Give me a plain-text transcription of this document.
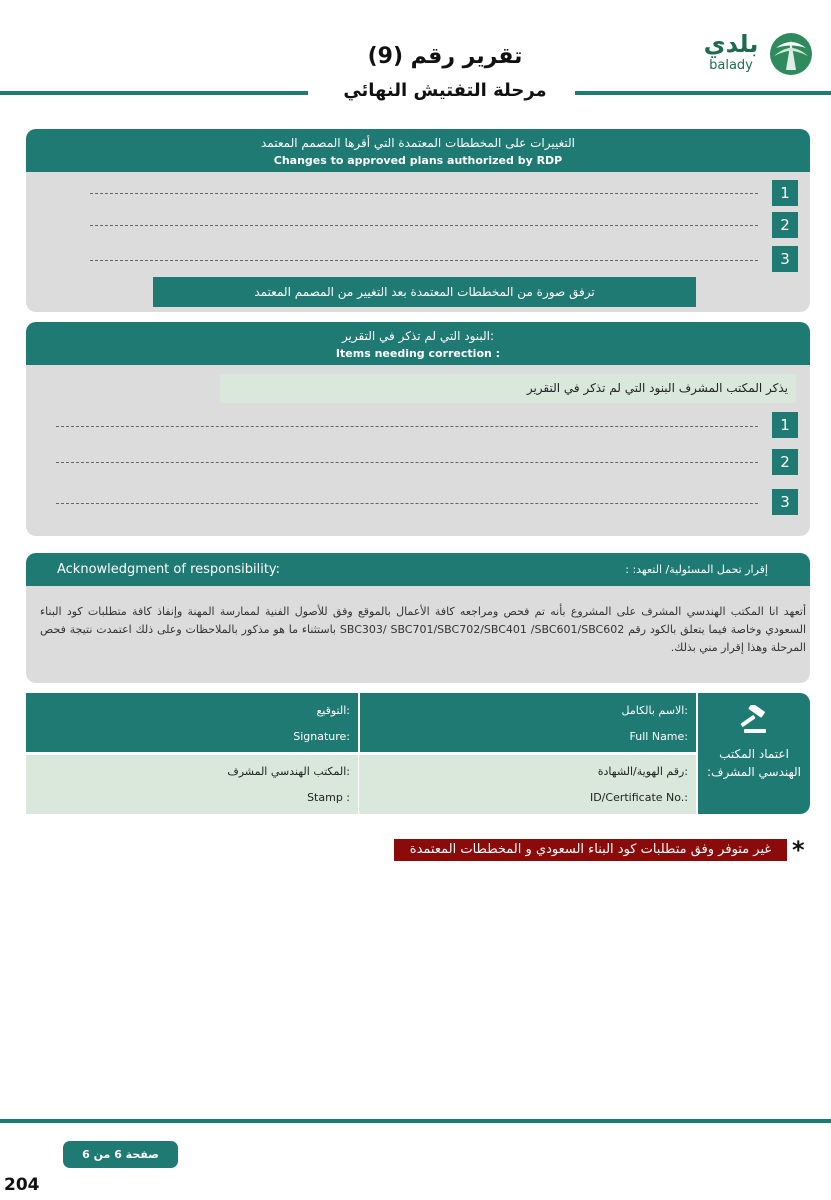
بلدي
balady
تقرير رقم (9)
مرحلة التفتيش النهائي
التغييرات على المخططات المعتمدة التي أقرها المصمم المعتمد
Changes to approved plans authorized by RDP
1
2
3
ترفق صورة من المخططات المعتمدة بعد التغيير من المصمم المعتمد
البنود التي لم تذكر في التقرير:
Items needing correction :
يذكر المكتب المشرف البنود التي لم تذكر في التقرير
1
2
3
Acknowledgment of responsibility:	إقرار تحمل المسئولية/ التعهد: :
أتعهد انا المكتب الهندسي المشرف على المشروع بأنه تم فحص ومراجعه كافة الأعمال بالموقع وفق للأصول الفنية لممارسة المهنة وإنفاذ كافة متطلبات كود البناء السعودي وخاصة فيما يتعلق بالكود رقم SBC303/ SBC701/SBC702/SBC401 /SBC601/SBC602 باستثناء ما هو مذكور بالملاحظات وعلى ذلك اعتمدت نتيجة فحص المرحلة وهذا إقرار مني بذلك.
اعتماد المكتب الهندسي المشرف:
الاسم بالكامل:
Full Name:
التوقيع:
Signature:
رقم الهوية/الشهادة:
ID/Certificate No.:
المكتب الهندسي المشرف:
Stamp :
*
غير متوفر وفق متطلبات كود البناء السعودي و المخططات المعتمدة
صفحة 6 من 6
204
